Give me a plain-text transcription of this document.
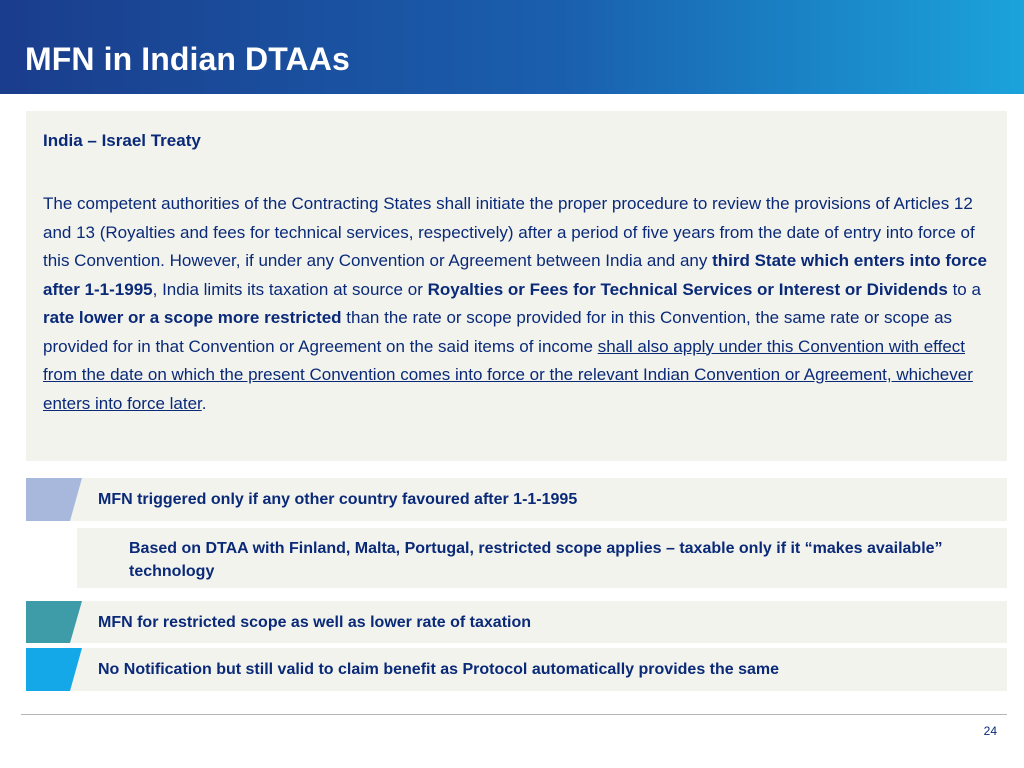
MFN in Indian DTAAs
India – Israel Treaty

The competent authorities of the Contracting States shall initiate the proper procedure to review the provisions of Articles 12 and 13 (Royalties and fees for technical services, respectively) after a period of five years from the date of entry into force of this Convention. However, if under any Convention or Agreement between India and any third State which enters into force after 1-1-1995, India limits its taxation at source or Royalties or Fees for Technical Services or Interest or Dividends to a rate lower or a scope more restricted than the rate or scope provided for in this Convention, the same rate or scope as provided for in that Convention or Agreement on the said items of income shall also apply under this Convention with effect from the date on which the present Convention comes into force or the relevant Indian Convention or Agreement, whichever enters into force later.

MFN triggered only if any other country favoured after 1-1-1995
Based on DTAA with Finland, Malta, Portugal, restricted scope applies – taxable only if it “makes available” technology
MFN for restricted scope as well as lower rate of taxation
No Notification but still valid to claim benefit as Protocol automatically provides the same
24
